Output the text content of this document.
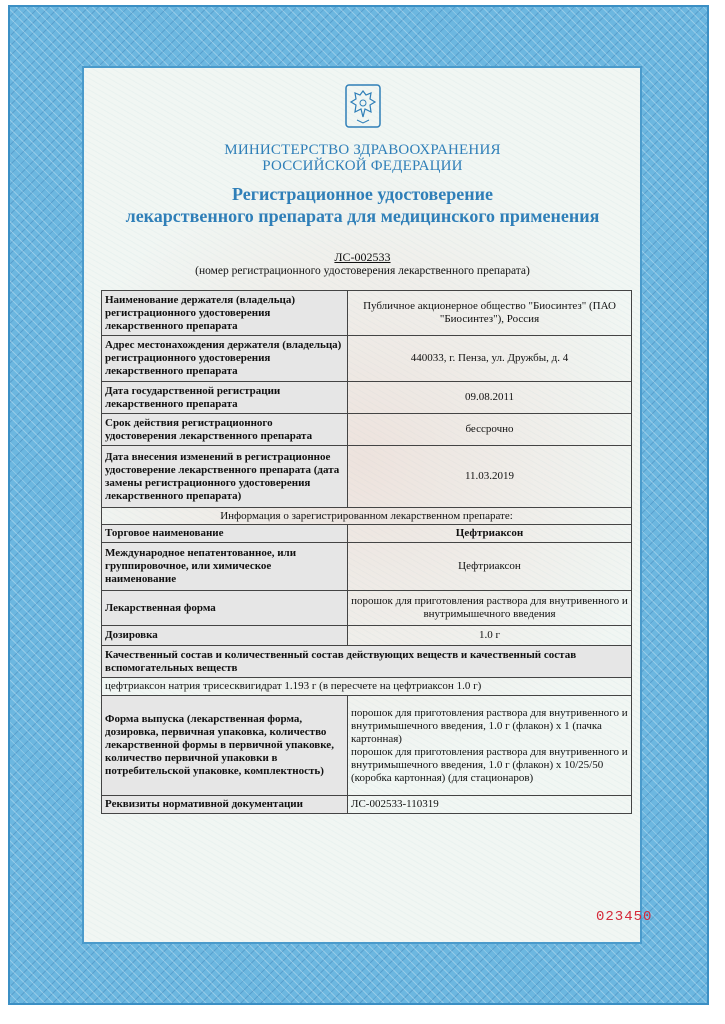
МИНИСТЕРСТВО ЗДРАВООХРАНЕНИЯ
РОССИЙСКОЙ ФЕДЕРАЦИИ
Регистрационное удостоверение
лекарственного препарата для медицинского применения
ЛС-002533
(номер регистрационного удостоверения лекарственного препарата)
Наименование держателя (владельца) регистрационного удостоверения лекарственного препарата	Публичное акционерное общество "Биосинтез" (ПАО "Биосинтез"), Россия
Адрес местонахождения держателя (владельца) регистрационного удостоверения лекарственного препарата	440033, г. Пенза, ул. Дружбы, д. 4
Дата государственной регистрации лекарственного препарата	09.08.2011
Срок действия регистрационного удостоверения лекарственного препарата	бессрочно
Дата внесения изменений в регистрационное удостоверение лекарственного препарата (дата замены регистрационного удостоверения лекарственного препарата)	11.03.2019
Информация о зарегистрированном лекарственном препарате:	
Торговое наименование	Цефтриаксон
Международное непатентованное, или группировочное, или химическое наименование	Цефтриаксон
Лекарственная форма	порошок для приготовления раствора для внутривенного и внутримышечного введения
Дозировка	1.0 г
Качественный состав и количественный состав действующих веществ и качественный состав вспомогательных веществ	
цефтриаксон натрия трисесквигидрат 1.193 г (в пересчете на цефтриаксон 1.0 г)	
Форма выпуска (лекарственная форма, дозировка, первичная упаковка, количество лекарственной формы в первичной упаковке, количество первичной упаковки в потребительской упаковке, комплектность)	порошок для приготовления раствора для внутривенного и внутримышечного введения, 1.0 г (флакон) х 1 (пачка картонная)
порошок для приготовления раствора для внутривенного и внутримышечного введения, 1.0 г (флакон) х 10/25/50 (коробка картонная) (для стационаров)

Реквизиты нормативной документации	ЛС-002533-110319
023450
